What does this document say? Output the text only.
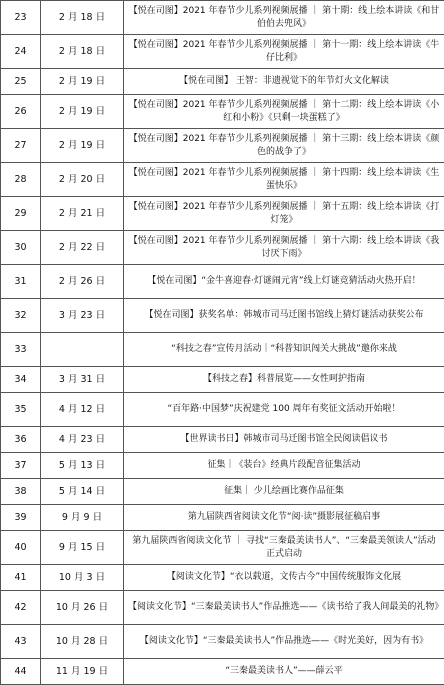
23	2 月 18 日	【悦在司图】2021 年春节少儿系列视频展播 ｜ 第十期：线上绘本讲读《和甘伯伯去兜风》
24	2 月 18 日	【悦在司图】2021 年春节少儿系列视频展播 ｜ 第十一期：线上绘本讲读《牛仔比利》
25	2 月 19 日	【悦在司图】 王智：非遗视觉下的年节灯火文化解读
26	2 月 19 日	【悦在司图】2021 年春节少儿系列视频展播 ｜ 第十二期：线上绘本讲读《小红和小粉》《只剩一块蛋糕了》
27	2 月 19 日	【悦在司图】2021 年春节少儿系列视频展播 ｜ 第十三期：线上绘本讲读《颜色的战争了》
28	2 月 20 日	【悦在司图】2021 年春节少儿系列视频展播 ｜ 第十四期：线上绘本讲读《生蛋快乐》
29	2 月 21 日	【悦在司图】2021 年春节少儿系列视频展播 ｜ 第十五期：线上绘本讲读《打灯笼》
30	2 月 22 日	【悦在司图】2021 年春节少儿系列视频展播 ｜ 第十六期：线上绘本讲读《我讨厌下雨》
31	2 月 26 日	【悦在司图】“金牛喜迎春·灯谜闹元宵”线上灯谜竞猜活动火热开启！
32	3 月 23 日	【悦在司图】获奖名单：韩城市司马迁图书馆线上猜灯谜活动获奖公布
33		“科技之春”宣传月活动｜“科普知识闯关大挑战”邀你来战
34	3 月 31 日	【科技之春】科普展览——女性呵护指南
35	4 月 12 日	“百年路·中国梦”庆祝建党 100 周年有奖征文活动开始啦！
36	4 月 23 日	【世界读书日】韩城市司马迁图书馆全民阅读倡议书
37	5 月 13 日	征集｜《装台》经典片段配音征集活动
38	5 月 14 日	征集｜ 少儿绘画比赛作品征集
39	9 月 9 日	第九届陕西省阅读文化节“阅·读”摄影展征稿启事
40	9 月 15 日	第九届陕西省阅读文化节 ｜ 寻找“三秦最美读书人”、“三秦最美领读人”活动正式启动
41	10 月 3 日	【阅读文化节】“衣以载道，文传古今”中国传统服饰文化展
42	10 月 26 日	【阅读文化节】“三秦最美读书人”作品推选——《读书给了我人间最美的礼物》
43	10 月 28 日	【阅读文化节】“三秦最美读书人”作品推选——《时光美好，因为有书》
44	11 月 19 日	“三秦最美读书人”——薛云平
